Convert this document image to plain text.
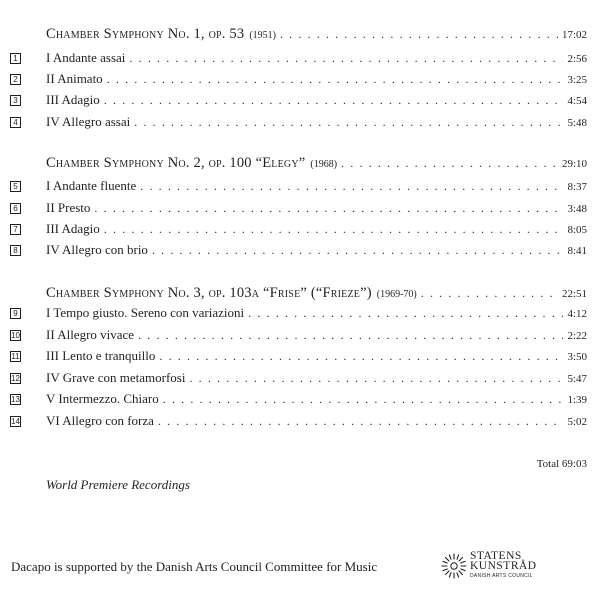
Chamber Symphony No. 1, op. 53 (1951) . . .	17:02
1 I Andante assai . . .	2:56
2 II Animato . . .	3:25
3 III Adagio . . .	4:54
4 IV Allegro assai . . .	5:48
Chamber Symphony No. 2, op. 100 “Elegy” (1968) . . .	29:10
5 I Andante fluente . . .	8:37
6 II Presto . . .	3:48
7 III Adagio . . .	8:05
8 IV Allegro con brio . . .	8:41
Chamber Symphony No. 3, op. 103a “Frise” (“Frieze”) (1969-70) . . .	22:51
9 I Tempo giusto. Sereno con variazioni . . .	4:12
10 II Allegro vivace . . .	2:22
11 III Lento e tranquillo . . .	3:50
12 IV Grave con metamorfosi . . .	5:47
13 V Intermezzo. Chiaro . . .	1:39
14 VI Allegro con forza . . .	5:02
Total 69:03
World Premiere Recordings
Dacapo is supported by the Danish Arts Council Committee for Music
STATENS
KUNSTRÅD
DANISH ARTS COUNCIL
